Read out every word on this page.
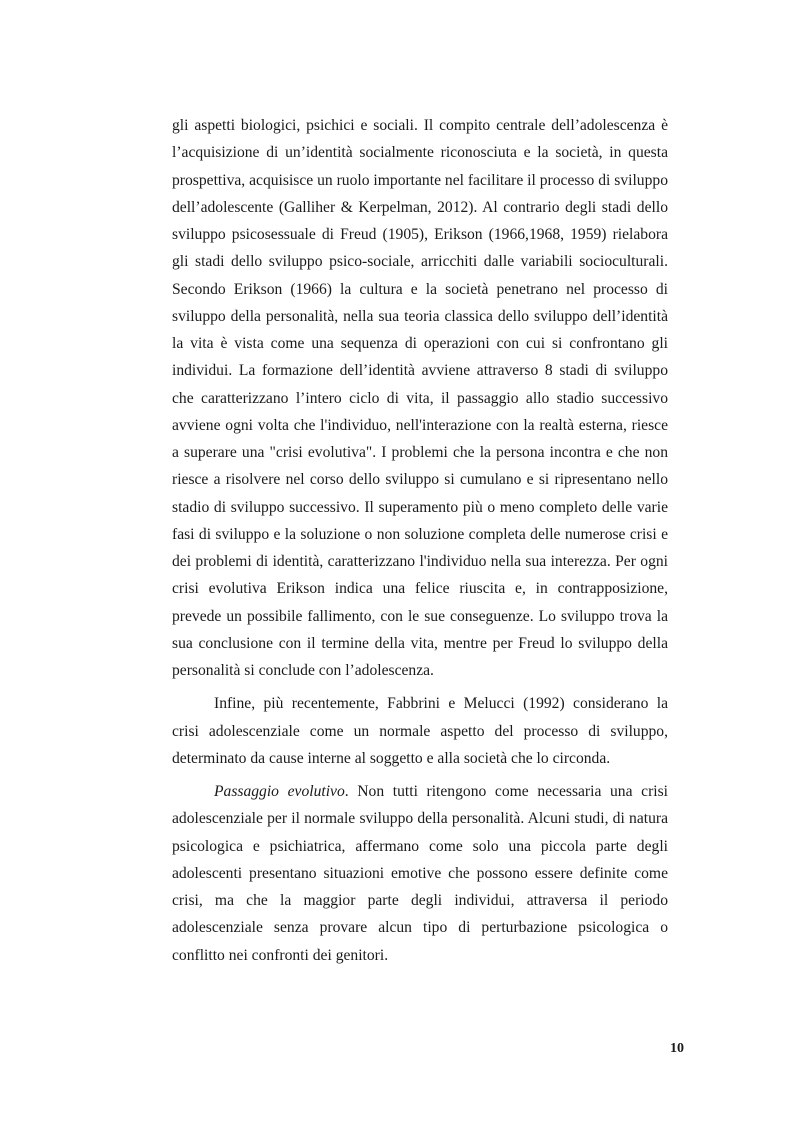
gli aspetti biologici, psichici e sociali. Il compito centrale dell’adolescenza è
l’acquisizione di un’identità socialmente riconosciuta e la società, in questa
prospettiva, acquisisce un ruolo importante nel facilitare il processo di sviluppo
dell’adolescente (Galliher & Kerpelman, 2012). Al contrario degli stadi dello
sviluppo psicosessuale di Freud (1905), Erikson (1966,1968, 1959) rielabora
gli stadi dello sviluppo psico-sociale, arricchiti dalle variabili socioculturali.
Secondo Erikson (1966) la cultura e la società penetrano nel processo di
sviluppo della personalità, nella sua teoria classica dello sviluppo dell’identità
la vita è vista come una sequenza di operazioni con cui si confrontano gli
individui. La formazione dell’identità avviene attraverso 8 stadi di sviluppo
che caratterizzano l’intero ciclo di vita, il passaggio allo stadio successivo
avviene ogni volta che l'individuo, nell'interazione con la realtà esterna, riesce
a superare una "crisi evolutiva". I problemi che la persona incontra e che non
riesce a risolvere nel corso dello sviluppo si cumulano e si ripresentano nello
stadio di sviluppo successivo. Il superamento più o meno completo delle varie
fasi di sviluppo e la soluzione o non soluzione completa delle numerose crisi e
dei problemi di identità, caratterizzano l'individuo nella sua interezza. Per ogni
crisi evolutiva Erikson indica una felice riuscita e, in contrapposizione,
prevede un possibile fallimento, con le sue conseguenze. Lo sviluppo trova la
sua conclusione con il termine della vita, mentre per Freud lo sviluppo della
personalità si conclude con l’adolescenza.
Infine, più recentemente, Fabbrini e Melucci (1992) considerano la
crisi adolescenziale come un normale aspetto del processo di sviluppo,
determinato da cause interne al soggetto e alla società che lo circonda.
Passaggio evolutivo. Non tutti ritengono come necessaria una crisi
adolescenziale per il normale sviluppo della personalità. Alcuni studi, di natura
psicologica e psichiatrica, affermano come solo una piccola parte degli
adolescenti presentano situazioni emotive che possono essere definite come
crisi, ma che la maggior parte degli individui, attraversa il periodo
adolescenziale senza provare alcun tipo di perturbazione psicologica o
conflitto nei confronti dei genitori.
10
